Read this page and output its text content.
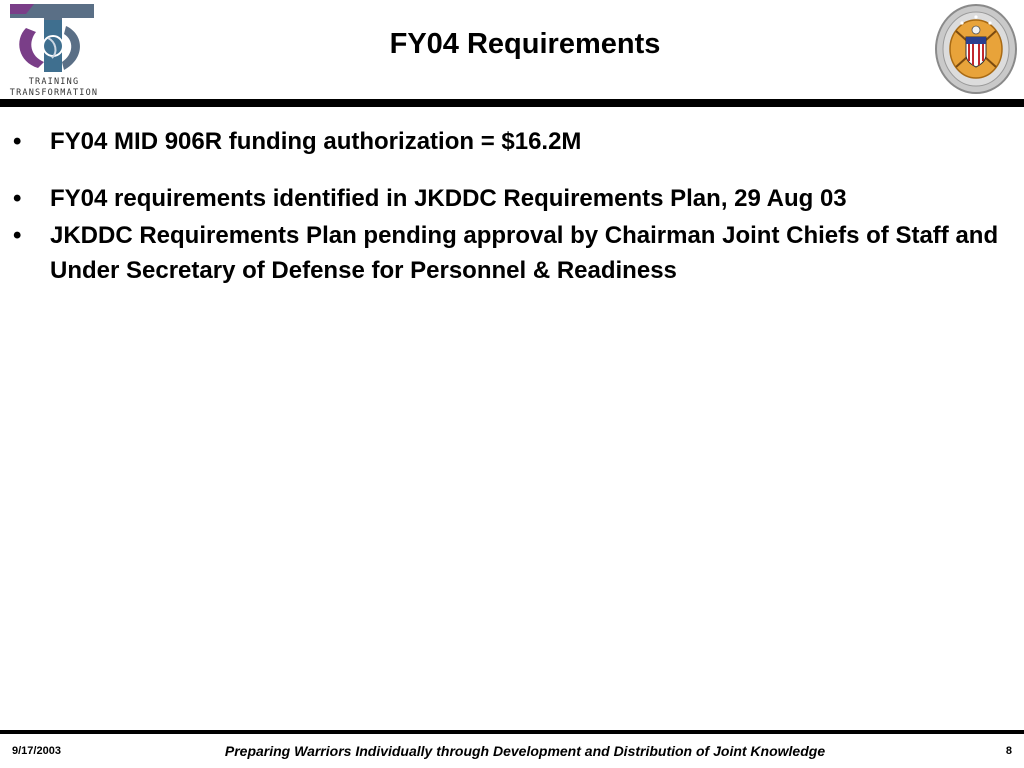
TRAINING
TRANSFORMATION
FY04 Requirements
• FY04 MID 906R funding authorization = $16.2M
• FY04 requirements identified in JKDDC Requirements Plan, 29 Aug 03
• JKDDC Requirements Plan pending approval by Chairman Joint Chiefs of Staff and Under Secretary of Defense for Personnel & Readiness
9/17/2003	Preparing Warriors Individually through Development and Distribution of Joint Knowledge	8
